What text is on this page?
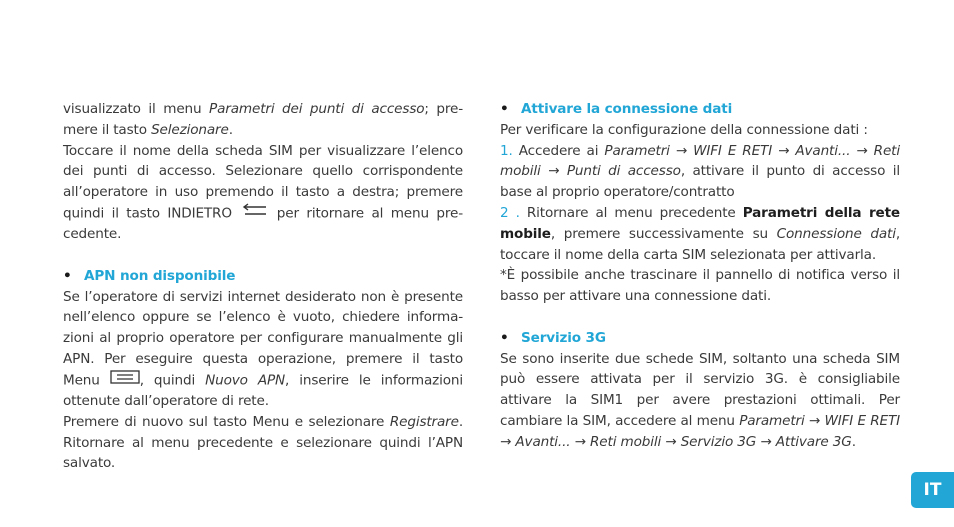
visualizzato il menu Parametri dei punti di accesso; pre-mere il tasto Selezionare.

Toccare il nome della scheda SIM per visualizzare l’elenco dei punti di accesso. Selezionare quello corrispondente all’operatore in uso premendo il tasto a destra; premere quindi il tasto INDIETRO  per ritornare al menu pre-cedente.

• APN non disponibile

Se l’operatore di servizi internet desiderato non è presente nell’elenco oppure se l’elenco è vuoto, chiedere informa-zioni al proprio operatore per configurare manualmente gli APN. Per eseguire questa operazione, premere il tasto Menu , quindi Nuovo APN, inserire le informazioni ottenute dall’operatore di rete.

Premere di nuovo sul tasto Menu e selezionare Registrare. Ritornare al menu precedente e selezionare quindi l’APN salvato.

• Attivare la connessione dati

Per verificare la configurazione della connessione dati :

1. Accedere ai Parametri → WIFI E RETI → Avanti... → Reti mobili → Punti di accesso, attivare il punto di accesso il base al proprio operatore/contratto

2 . Ritornare al menu precedente Parametri della rete mobile, premere successivamente su Connessione dati, toccare il nome della carta SIM selezionata per attivarla.

*È possibile anche trascinare il pannello di notifica verso il basso per attivare una connessione dati.

• Servizio 3G

Se sono inserite due schede SIM, soltanto una scheda SIM può essere attivata per il servizio 3G. è consigliabile attivare la SIM1 per avere prestazioni ottimali. Per cambiare la SIM, accedere al menu Parametri → WIFI E RETI → Avanti... → Reti mobili → Servizio 3G → Attivare 3G.

IT
